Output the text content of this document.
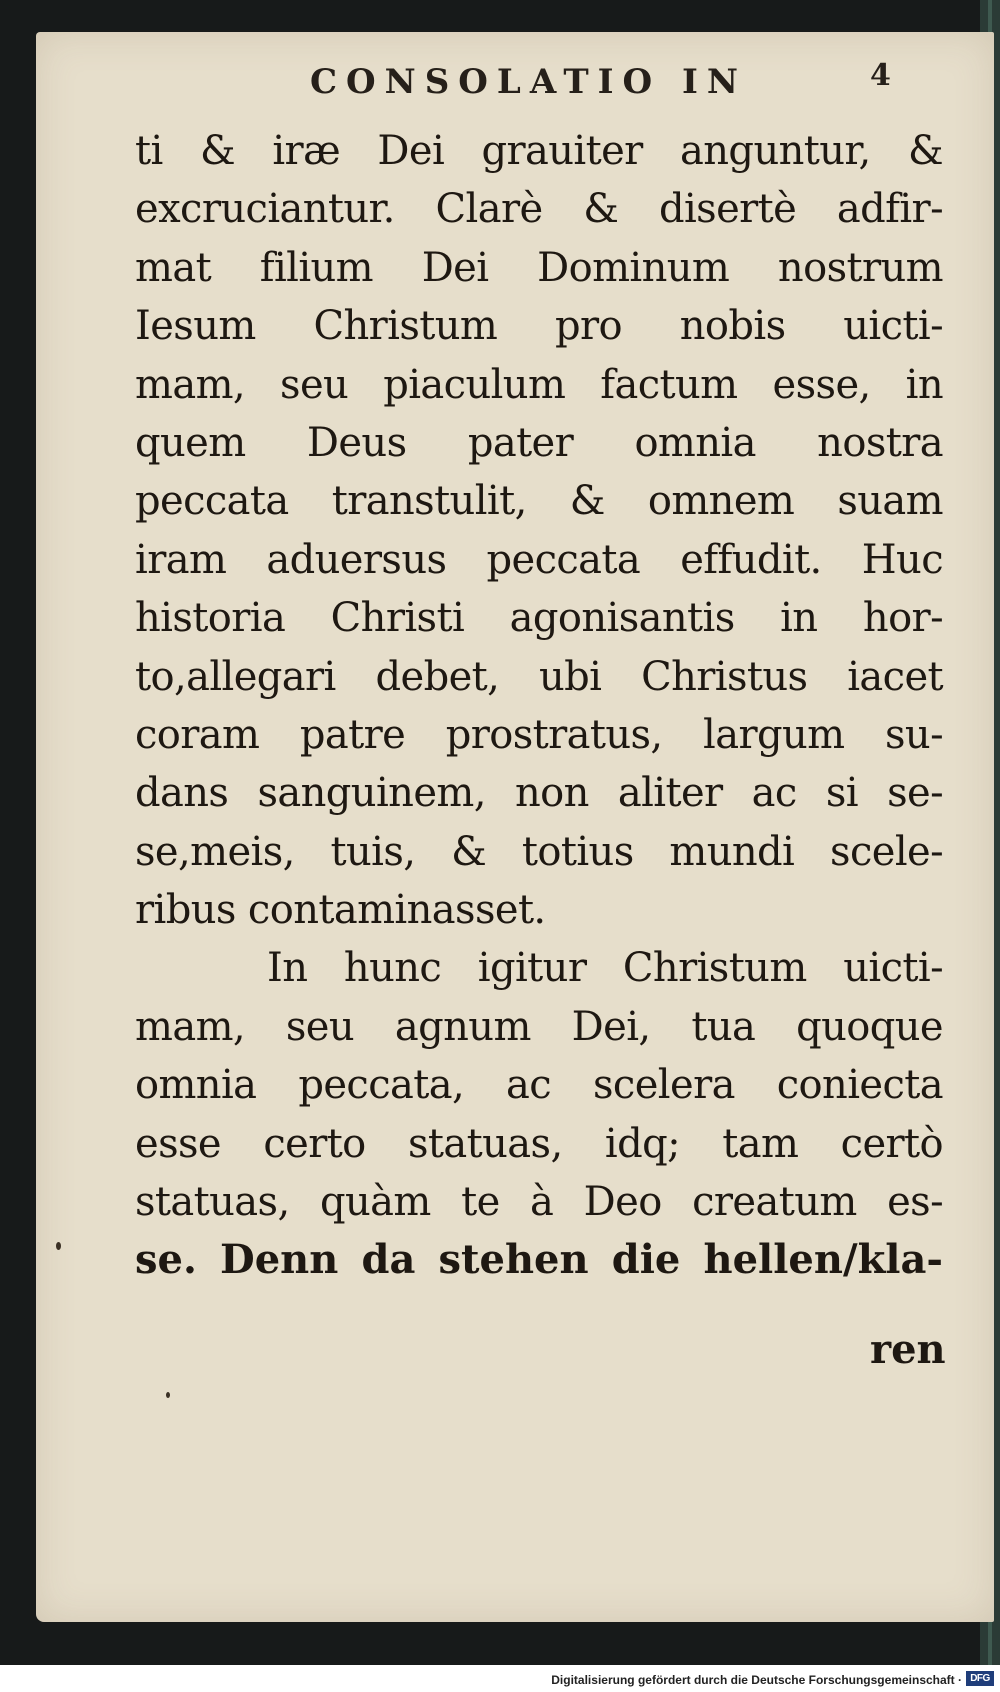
CONSOLATIO IN	4
ti & iræ Dei grauiter anguntur, &
excruciantur. Clarè & disertè adfir-
mat filium Dei Dominum nostrum
Iesum Christum pro nobis uicti-
mam, seu piaculum factum esse, in
quem Deus pater omnia nostra
peccata transtulit, & omnem suam
iram aduersus peccata effudit. Huc
historia Christi agonisantis in hor-
to,allegari debet, ubi Christus iacet
coram patre prostratus, largum su-
dans sanguinem, non aliter ac si se-
se,meis, tuis, & totius mundi scele-
ribus contaminasset.
In hunc igitur Christum uicti-
mam, seu agnum Dei, tua quoque
omnia peccata, ac scelera coniecta
esse certo statuas, idq; tam certò
statuas, quàm te à Deo creatum es-
se. Denn da stehen die hellen/kla-
ren
Digitalisierung gefördert durch die Deutsche Forschungsgemeinschaft · DFG
